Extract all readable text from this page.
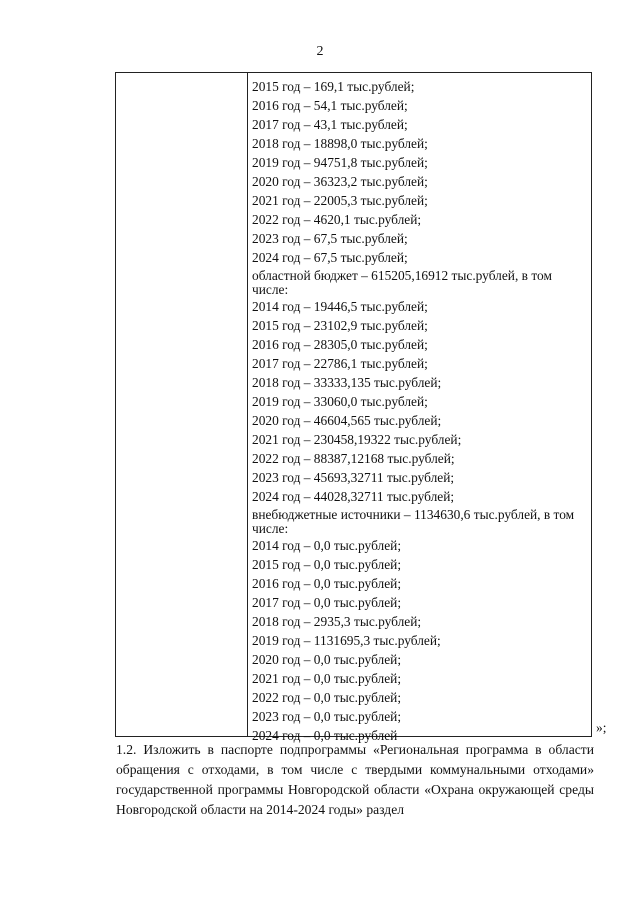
2
2015 год – 169,1 тыс.рублей;
2016 год – 54,1 тыс.рублей;
2017 год – 43,1 тыс.рублей;
2018 год – 18898,0 тыс.рублей;
2019 год – 94751,8 тыс.рублей;
2020 год – 36323,2 тыс.рублей;
2021 год – 22005,3 тыс.рублей;
2022 год – 4620,1 тыс.рублей;
2023 год – 67,5 тыс.рублей;
2024 год – 67,5 тыс.рублей;
областной бюджет – 615205,16912 тыс.рублей, в том числе:
2014 год – 19446,5 тыс.рублей;
2015 год – 23102,9 тыс.рублей;
2016 год – 28305,0 тыс.рублей;
2017 год – 22786,1 тыс.рублей;
2018 год – 33333,135 тыс.рублей;
2019 год – 33060,0 тыс.рублей;
2020 год – 46604,565 тыс.рублей;
2021 год – 230458,19322 тыс.рублей;
2022 год – 88387,12168 тыс.рублей;
2023 год – 45693,32711 тыс.рублей;
2024 год – 44028,32711 тыс.рублей;
внебюджетные источники – 1134630,6 тыс.рублей, в том числе:
2014 год – 0,0 тыс.рублей;
2015 год – 0,0 тыс.рублей;
2016 год – 0,0 тыс.рублей;
2017 год – 0,0 тыс.рублей;
2018 год – 2935,3 тыс.рублей;
2019 год – 1131695,3 тыс.рублей;
2020 год – 0,0 тыс.рублей;
2021 год – 0,0 тыс.рублей;
2022 год – 0,0 тыс.рублей;
2023 год – 0,0 тыс.рублей;
2024 год – 0,0 тыс.рублей
»;
1.2. Изложить в паспорте подпрограммы «Региональная программа в области обращения с отходами, в том числе с твердыми коммунальными отходами» государственной программы Новгородской области «Охрана окружающей среды Новгородской области на 2014-2024 годы» раздел
